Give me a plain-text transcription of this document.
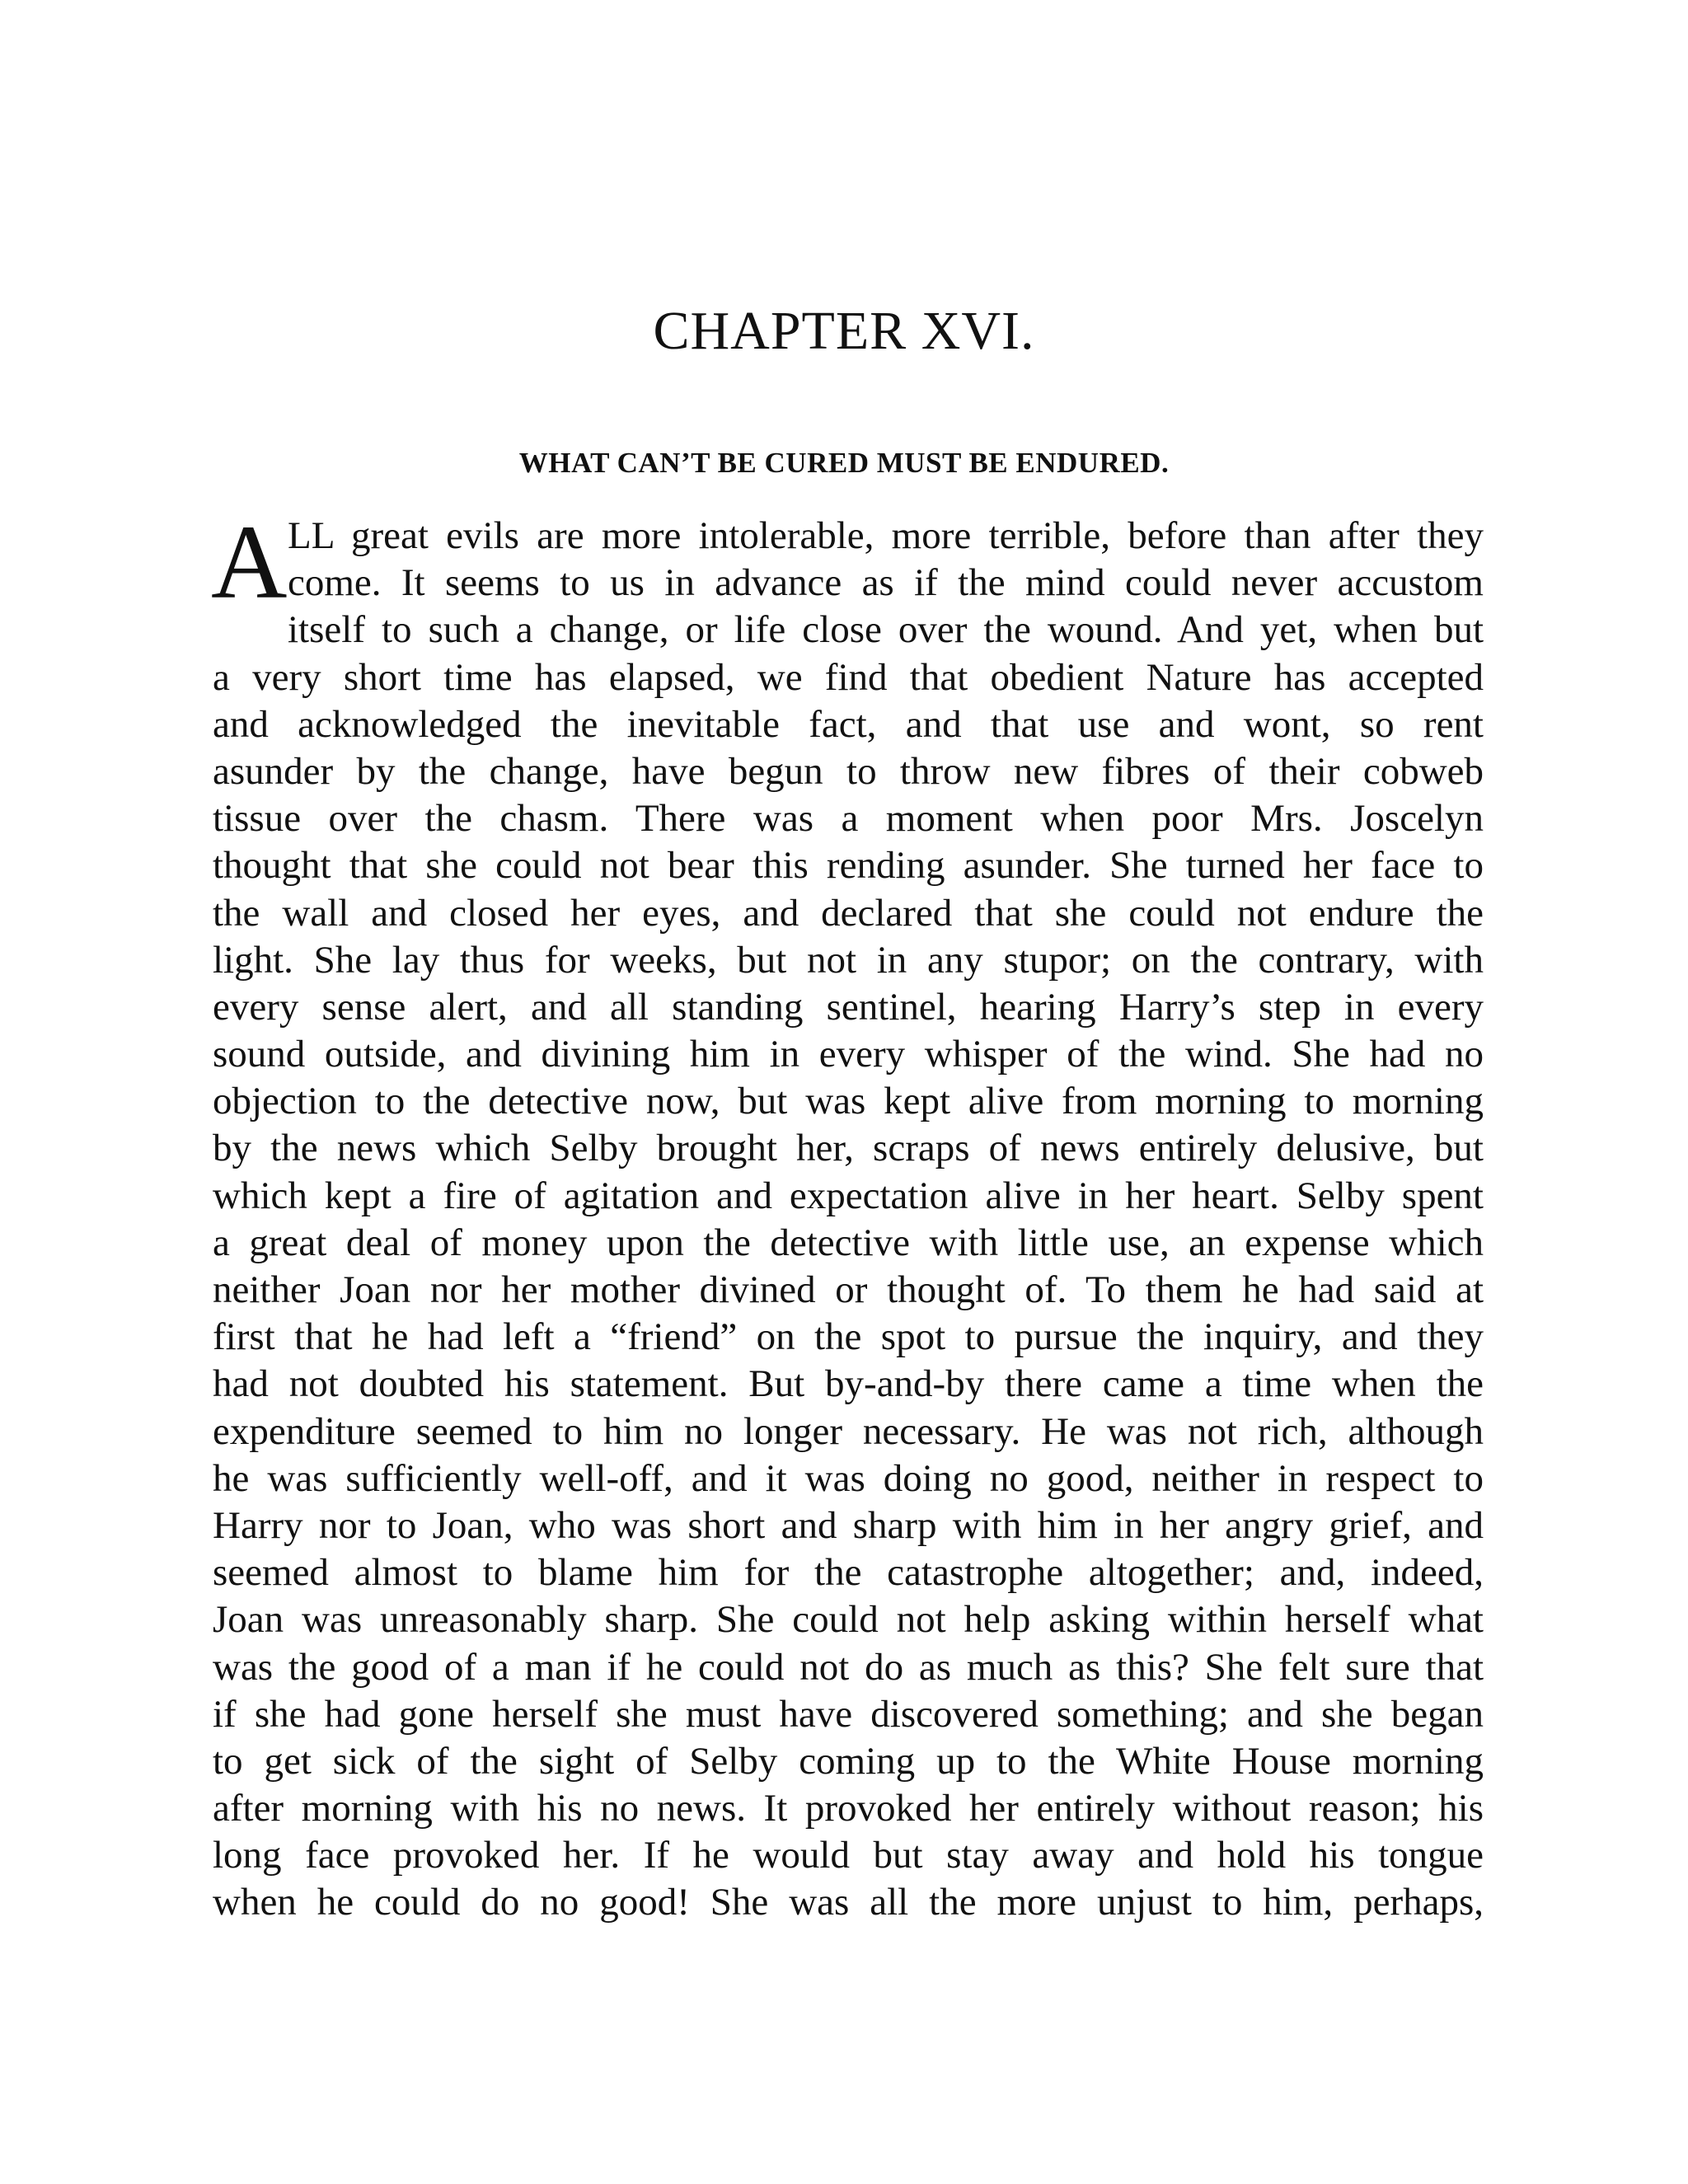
CHAPTER XVI.
WHAT CAN’T BE CURED MUST BE ENDURED.
A LL great evils are more intolerable, more terrible, before than after they
come. It seems to us in advance as if the mind could never accustom
itself to such a change, or life close over the wound. And yet, when but
a very short time has elapsed, we find that obedient Nature has accepted
and acknowledged the inevitable fact, and that use and wont, so rent
asunder by the change, have begun to throw new fibres of their cobweb
tissue over the chasm. There was a moment when poor Mrs. Joscelyn
thought that she could not bear this rending asunder. She turned her face to
the wall and closed her eyes, and declared that she could not endure the
light. She lay thus for weeks, but not in any stupor; on the contrary, with
every sense alert, and all standing sentinel, hearing Harry’s step in every
sound outside, and divining him in every whisper of the wind. She had no
objection to the detective now, but was kept alive from morning to morning
by the news which Selby brought her, scraps of news entirely delusive, but
which kept a fire of agitation and expectation alive in her heart. Selby spent
a great deal of money upon the detective with little use, an expense which
neither Joan nor her mother divined or thought of. To them he had said at
first that he had left a “friend” on the spot to pursue the inquiry, and they
had not doubted his statement. But by-and-by there came a time when the
expenditure seemed to him no longer necessary. He was not rich, although
he was sufficiently well-off, and it was doing no good, neither in respect to
Harry nor to Joan, who was short and sharp with him in her angry grief, and
seemed almost to blame him for the catastrophe altogether; and, indeed,
Joan was unreasonably sharp. She could not help asking within herself what
was the good of a man if he could not do as much as this? She felt sure that
if she had gone herself she must have discovered something; and she began
to get sick of the sight of Selby coming up to the White House morning
after morning with his no news. It provoked her entirely without reason; his
long face provoked her. If he would but stay away and hold his tongue
when he could do no good! She was all the more unjust to him, perhaps,
